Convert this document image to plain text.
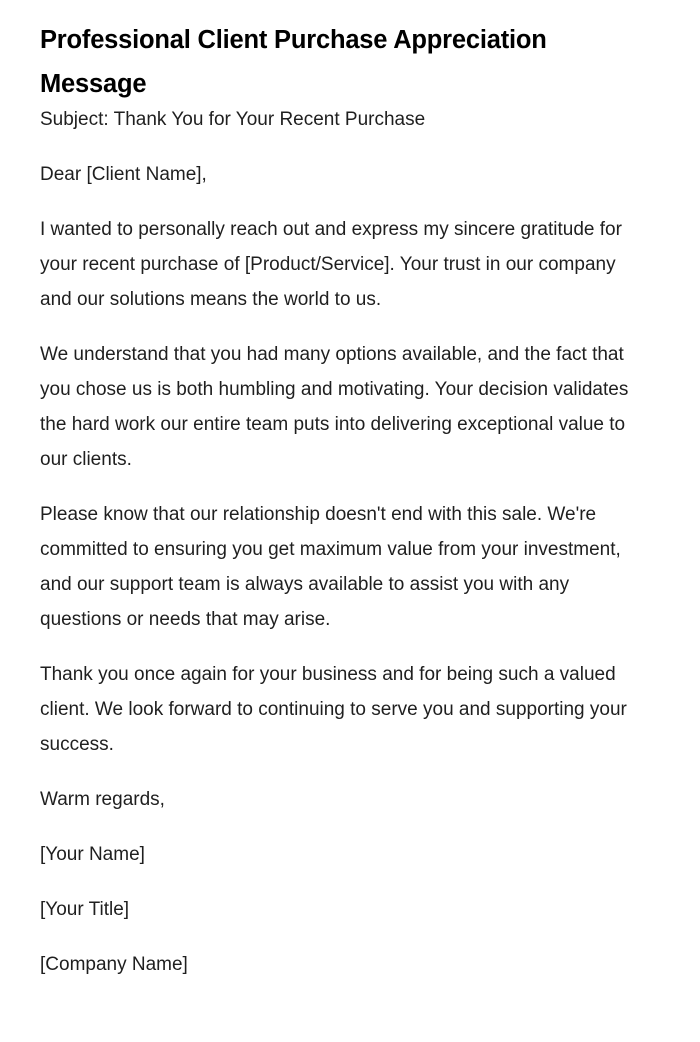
Professional Client Purchase Appreciation Message

Subject: Thank You for Your Recent Purchase

Dear [Client Name],

I wanted to personally reach out and express my sincere gratitude for your recent purchase of [Product/Service]. Your trust in our company and our solutions means the world to us.

We understand that you had many options available, and the fact that you chose us is both humbling and motivating. Your decision validates the hard work our entire team puts into delivering exceptional value to our clients.

Please know that our relationship doesn't end with this sale. We're committed to ensuring you get maximum value from your investment, and our support team is always available to assist you with any questions or needs that may arise.

Thank you once again for your business and for being such a valued client. We look forward to continuing to serve you and supporting your success.

Warm regards,

[Your Name]

[Your Title]

[Company Name]
